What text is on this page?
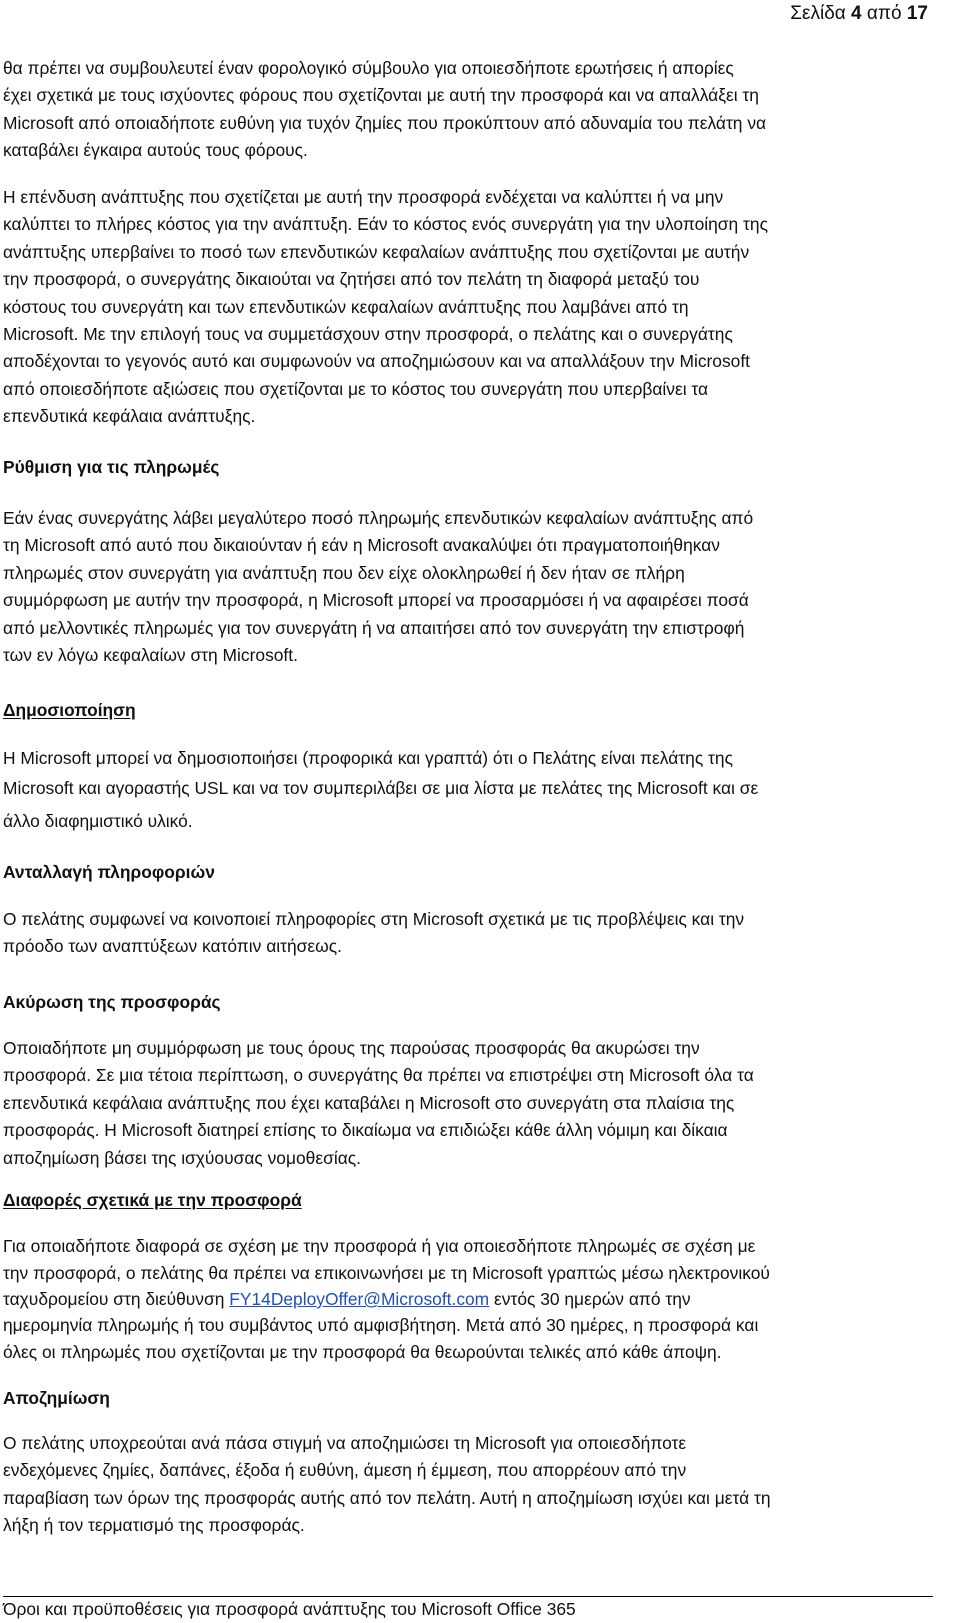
Σελίδα 4 από 17

θα πρέπει να συμβουλευτεί έναν φορολογικό σύμβουλο για οποιεσδήποτε ερωτήσεις ή απορίες
έχει σχετικά με τους ισχύοντες φόρους που σχετίζονται με αυτή την προσφορά και να απαλλάξει τη
Microsoft από οποιαδήποτε ευθύνη για τυχόν ζημίες που προκύπτουν από αδυναμία του πελάτη να
καταβάλει έγκαιρα αυτούς τους φόρους.

Η επένδυση ανάπτυξης που σχετίζεται με αυτή την προσφορά ενδέχεται να καλύπτει ή να μην
καλύπτει το πλήρες κόστος για την ανάπτυξη. Εάν το κόστος ενός συνεργάτη για την υλοποίηση της
ανάπτυξης υπερβαίνει το ποσό των επενδυτικών κεφαλαίων ανάπτυξης που σχετίζονται με αυτήν
την προσφορά, ο συνεργάτης δικαιούται να ζητήσει από τον πελάτη τη διαφορά μεταξύ του
κόστους του συνεργάτη και των επενδυτικών κεφαλαίων ανάπτυξης που λαμβάνει από τη
Microsoft. Με την επιλογή τους να συμμετάσχουν στην προσφορά, ο πελάτης και ο συνεργάτης
αποδέχονται το γεγονός αυτό και συμφωνούν να αποζημιώσουν και να απαλλάξουν την Microsoft
από οποιεσδήποτε αξιώσεις που σχετίζονται με το κόστος του συνεργάτη που υπερβαίνει τα
επενδυτικά κεφάλαια ανάπτυξης.

Ρύθμιση για τις πληρωμές

Εάν ένας συνεργάτης λάβει μεγαλύτερο ποσό πληρωμής επενδυτικών κεφαλαίων ανάπτυξης από
τη Microsoft από αυτό που δικαιούνταν ή εάν η Microsoft ανακαλύψει ότι πραγματοποιήθηκαν
πληρωμές στον συνεργάτη για ανάπτυξη που δεν είχε ολοκληρωθεί ή δεν ήταν σε πλήρη
συμμόρφωση με αυτήν την προσφορά, η Microsoft μπορεί να προσαρμόσει ή να αφαιρέσει ποσά
από μελλοντικές πληρωμές για τον συνεργάτη ή να απαιτήσει από τον συνεργάτη την επιστροφή
των εν λόγω κεφαλαίων στη Microsoft.

Δημοσιοποίηση

Η Microsoft μπορεί να δημοσιοποιήσει (προφορικά και γραπτά) ότι ο Πελάτης είναι πελάτης της

Microsoft και αγοραστής USL και να τον συμπεριλάβει σε μια λίστα με πελάτες της Microsoft και σε

άλλο διαφημιστικό υλικό.

Ανταλλαγή πληροφοριών

Ο πελάτης συμφωνεί να κοινοποιεί πληροφορίες στη Microsoft σχετικά με τις προβλέψεις και την
πρόοδο των αναπτύξεων κατόπιν αιτήσεως.

Ακύρωση της προσφοράς

Οποιαδήποτε μη συμμόρφωση με τους όρους της παρούσας προσφοράς θα ακυρώσει την
προσφορά. Σε μια τέτοια περίπτωση, ο συνεργάτης θα πρέπει να επιστρέψει στη Microsoft όλα τα
επενδυτικά κεφάλαια ανάπτυξης που έχει καταβάλει η Microsoft στο συνεργάτη στα πλαίσια της
προσφοράς. Η Microsoft διατηρεί επίσης το δικαίωμα να επιδιώξει κάθε άλλη νόμιμη και δίκαια
αποζημίωση βάσει της ισχύουσας νομοθεσίας.

Διαφορές σχετικά με την προσφορά

Για οποιαδήποτε διαφορά σε σχέση με την προσφορά ή για οποιεσδήποτε πληρωμές σε σχέση με

την προσφορά, ο πελάτης θα πρέπει να επικοινωνήσει με τη Microsoft γραπτώς μέσω ηλεκτρονικού

ταχυδρομείου στη διεύθυνση FY14DeployOffer@Microsoft.com εντός 30 ημερών από την

ημερομηνία πληρωμής ή του συμβάντος υπό αμφισβήτηση. Μετά από 30 ημέρες, η προσφορά και
όλες οι πληρωμές που σχετίζονται με την προσφορά θα θεωρούνται τελικές από κάθε άποψη.

Αποζημίωση

Ο πελάτης υποχρεούται ανά πάσα στιγμή να αποζημιώσει τη Microsoft για οποιεσδήποτε
ενδεχόμενες ζημίες, δαπάνες, έξοδα ή ευθύνη, άμεση ή έμμεση, που απορρέουν από την
παραβίαση των όρων της προσφοράς αυτής από τον πελάτη. Αυτή η αποζημίωση ισχύει και μετά τη
λήξη ή τον τερματισμό της προσφοράς.

Όροι και προϋποθέσεις για προσφορά ανάπτυξης του Microsoft Office 365
